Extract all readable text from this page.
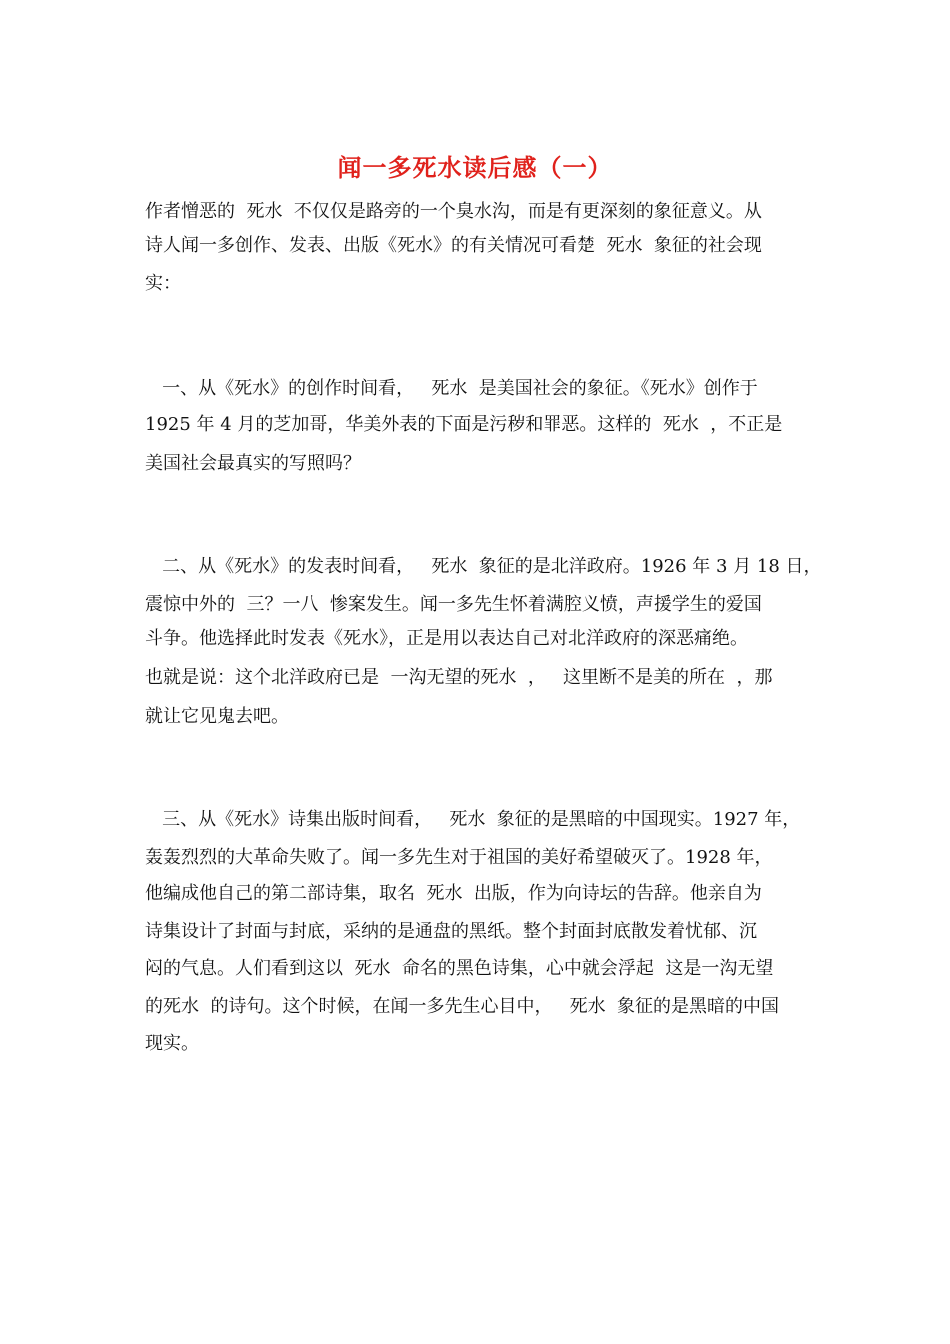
闻一多死水读后感（一）
作者憎恶的  死水  不仅仅是路旁的一个臭水沟，而是有更深刻的象征意义。从
诗人闻一多创作、发表、出版《死水》的有关情况可看楚  死水  象征的社会现
实：
一、从《死水》的创作时间看，   死水  是美国社会的象征。《死水》创作于
1925 年 4 月的芝加哥，华美外表的下面是污秽和罪恶。这样的  死水  ，不正是
美国社会最真实的写照吗？
二、从《死水》的发表时间看，   死水  象征的是北洋政府。1926 年 3 月 18 日，
震惊中外的  三？一八  惨案发生。闻一多先生怀着满腔义愤，声援学生的爱国
斗争。他选择此时发表《死水》，正是用以表达自己对北洋政府的深恶痛绝。
也就是说：这个北洋政府已是  一沟无望的死水  ，   这里断不是美的所在  ，那
就让它见鬼去吧。
三、从《死水》诗集出版时间看，   死水  象征的是黑暗的中国现实。1927 年，
轰轰烈烈的大革命失败了。闻一多先生对于祖国的美好希望破灭了。1928 年，
他编成他自己的第二部诗集，取名  死水  出版，作为向诗坛的告辞。他亲自为
诗集设计了封面与封底，采纳的是通盘的黑纸。整个封面封底散发着忧郁、沉
闷的气息。人们看到这以  死水  命名的黑色诗集，心中就会浮起  这是一沟无望
的死水  的诗句。这个时候，在闻一多先生心目中，   死水  象征的是黑暗的中国
现实。
